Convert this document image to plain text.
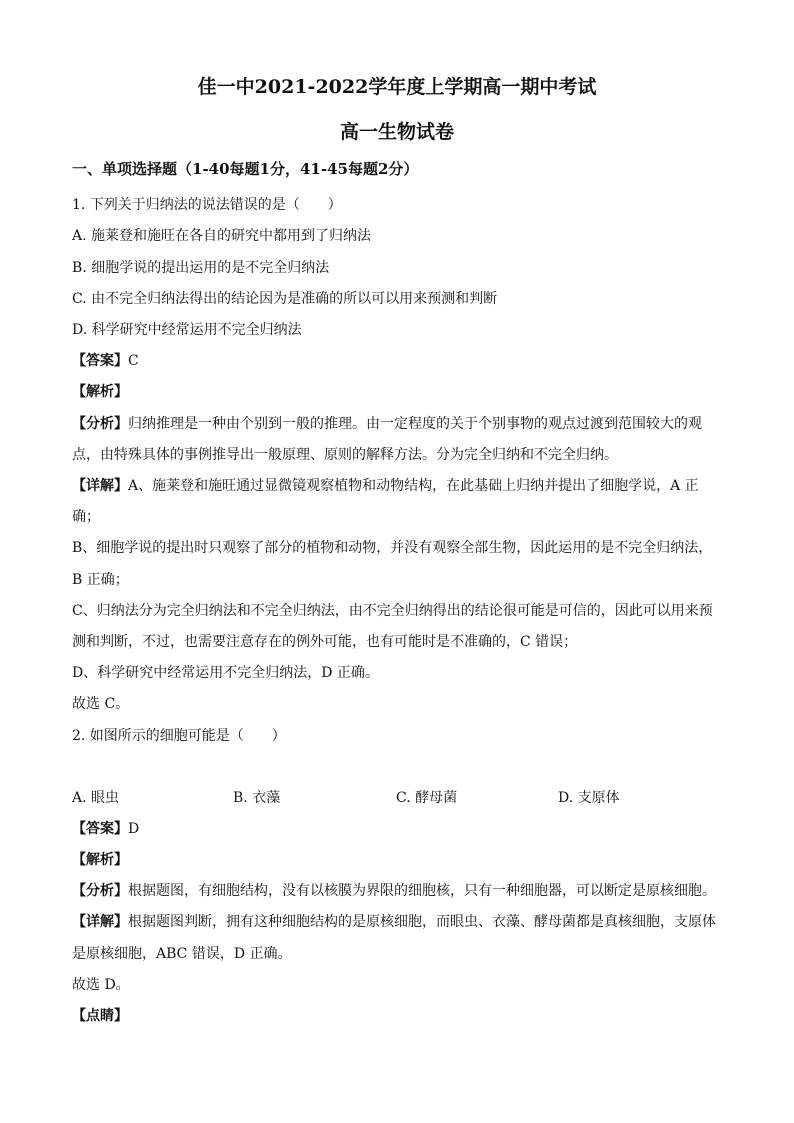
佳一中2021-2022学年度上学期高一期中考试
高一生物试卷
一、单项选择题（1-40每题1分，41-45每题2分）
1. 下列关于归纳法的说法错误的是（　　）
A. 施莱登和施旺在各自的研究中都用到了归纳法
B. 细胞学说的提出运用的是不完全归纳法
C. 由不完全归纳法得出的结论因为是准确的所以可以用来预测和判断
D. 科学研究中经常运用不完全归纳法
【答案】C
【解析】
【分析】归纳推理是一种由个别到一般的推理。由一定程度的关于个别事物的观点过渡到范围较大的观
点，由特殊具体的事例推导出一般原理、原则的解释方法。分为完全归纳和不完全归纳。
【详解】A、施莱登和施旺通过显微镜观察植物和动物结构，在此基础上归纳并提出了细胞学说，A 正
确；
B、细胞学说的提出时只观察了部分的植物和动物，并没有观察全部生物，因此运用的是不完全归纳法，
B 正确；
C、归纳法分为完全归纳法和不完全归纳法，由不完全归纳得出的结论很可能是可信的，因此可以用来预
测和判断，不过，也需要注意存在的例外可能，也有可能时是不准确的，C 错误；
D、科学研究中经常运用不完全归纳法，D 正确。
故选 C。
2. 如图所示的细胞可能是（　　）
A. 眼虫	B. 衣藻	C. 酵母菌	D. 支原体
【答案】D
【解析】
【分析】根据题图，有细胞结构，没有以核膜为界限的细胞核，只有一种细胞器，可以断定是原核细胞。
【详解】根据题图判断，拥有这种细胞结构的是原核细胞，而眼虫、衣藻、酵母菌都是真核细胞，支原体
是原核细胞，ABC 错误，D 正确。
故选 D。
【点睛】
